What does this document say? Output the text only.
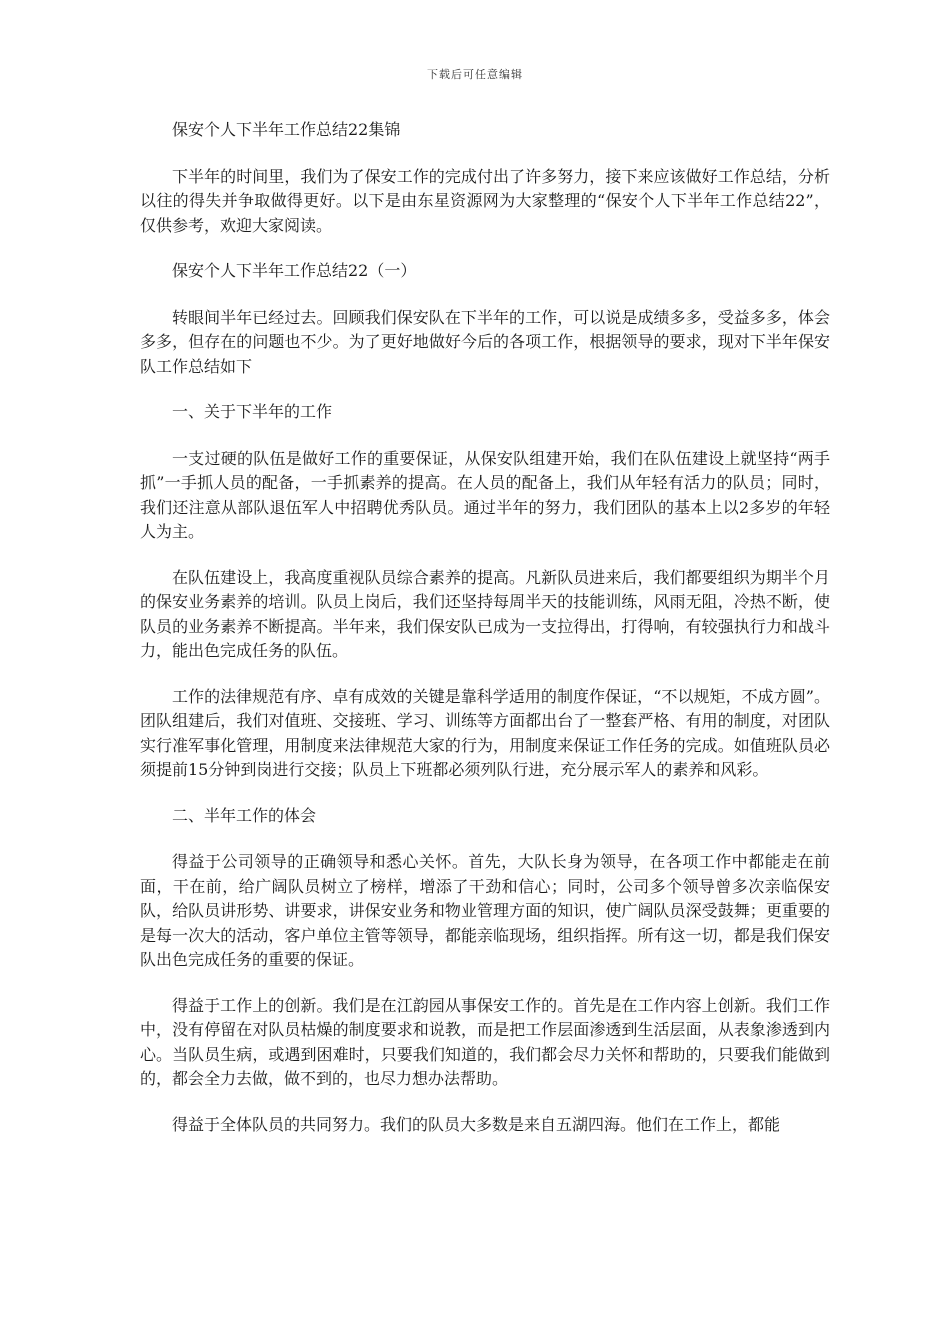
下载后可任意编辑

保安个人下半年工作总结22集锦

下半年的时间里，我们为了保安工作的完成付出了许多努力，接下来应该做好工作总结，分析以往的得失并争取做得更好。以下是由东星资源网为大家整理的“保安个人下半年工作总结22”，仅供参考，欢迎大家阅读。

保安个人下半年工作总结22（一）

转眼间半年已经过去。回顾我们保安队在下半年的工作，可以说是成绩多多，受益多多，体会多多，但存在的问题也不少。为了更好地做好今后的各项工作，根据领导的要求，现对下半年保安队工作总结如下

一、关于下半年的工作

一支过硬的队伍是做好工作的重要保证，从保安队组建开始，我们在队伍建设上就坚持“两手抓”一手抓人员的配备，一手抓素养的提高。在人员的配备上，我们从年轻有活力的队员；同时，我们还注意从部队退伍军人中招聘优秀队员。通过半年的努力，我们团队的基本上以2多岁的年轻人为主。

在队伍建设上，我高度重视队员综合素养的提高。凡新队员进来后，我们都要组织为期半个月的保安业务素养的培训。队员上岗后，我们还坚持每周半天的技能训练，风雨无阻，冷热不断，使队员的业务素养不断提高。半年来，我们保安队已成为一支拉得出，打得响，有较强执行力和战斗力，能出色完成任务的队伍。

工作的法律规范有序、卓有成效的关键是靠科学适用的制度作保证，“不以规矩，不成方圆”。团队组建后，我们对值班、交接班、学习、训练等方面都出台了一整套严格、有用的制度，对团队实行准军事化管理，用制度来法律规范大家的行为，用制度来保证工作任务的完成。如值班队员必须提前15分钟到岗进行交接；队员上下班都必须列队行进，充分展示军人的素养和风彩。

二、半年工作的体会

得益于公司领导的正确领导和悉心关怀。首先，大队长身为领导，在各项工作中都能走在前面，干在前，给广阔队员树立了榜样，增添了干劲和信心；同时，公司多个领导曾多次亲临保安队，给队员讲形势、讲要求，讲保安业务和物业管理方面的知识，使广阔队员深受鼓舞；更重要的是每一次大的活动，客户单位主管等领导，都能亲临现场，组织指挥。所有这一切，都是我们保安队出色完成任务的重要的保证。

得益于工作上的创新。我们是在江韵园从事保安工作的。首先是在工作内容上创新。我们工作中，没有停留在对队员枯燥的制度要求和说教，而是把工作层面渗透到生活层面，从表象渗透到内心。当队员生病，或遇到困难时，只要我们知道的，我们都会尽力关怀和帮助的，只要我们能做到的，都会全力去做，做不到的，也尽力想办法帮助。

得益于全体队员的共同努力。我们的队员大多数是来自五湖四海。他们在工作上，都能
